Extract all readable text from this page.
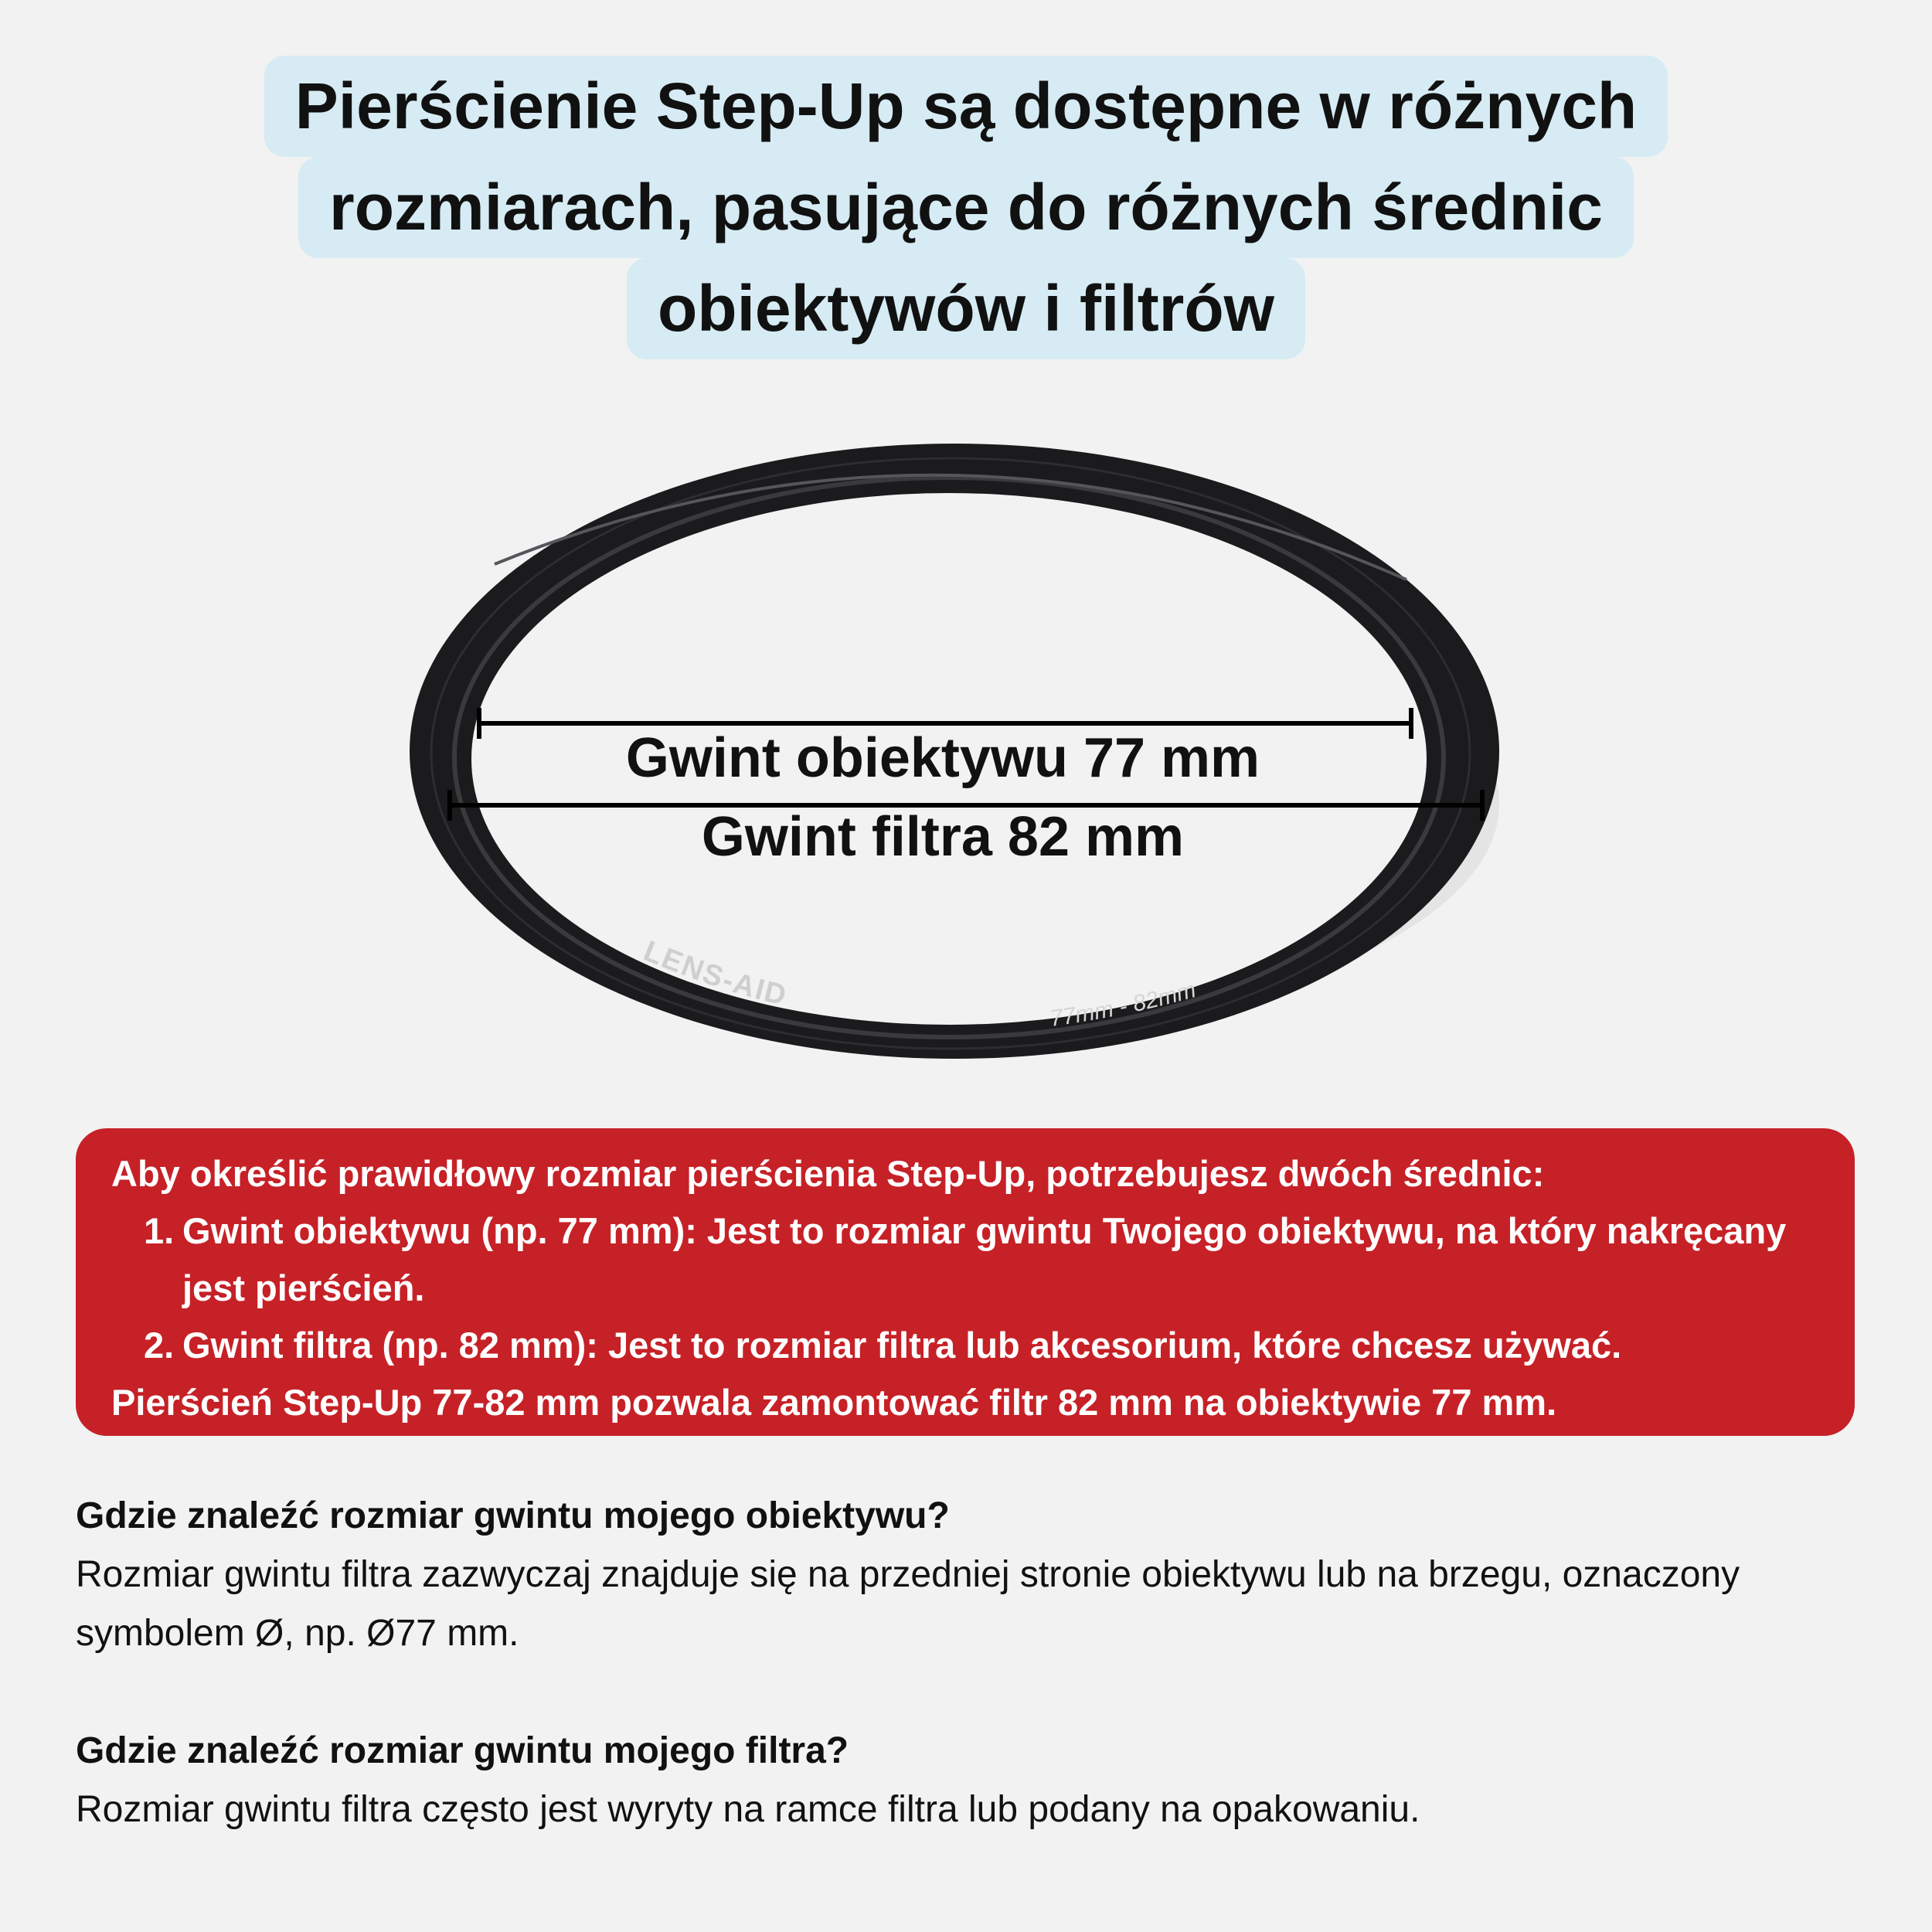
Pierścienie Step-Up są dostępne w różnych
rozmiarach, pasujące do różnych średnic
obiektywów i filtrów
LENS-AID
77mm - 82mm
Gwint obiektywu 77 mm
Gwint filtra 82 mm

Aby określić prawidłowy rozmiar pierścienia Step-Up, potrzebujesz dwóch średnic:

1. Gwint obiektywu (np. 77 mm): Jest to rozmiar gwintu Twojego obiektywu, na który nakręcany jest pierścień.
2. Gwint filtra (np. 82 mm): Jest to rozmiar filtra lub akcesorium, które chcesz używać.

Pierścień Step-Up 77-82 mm pozwala zamontować filtr 82 mm na obiektywie 77 mm.

Gdzie znaleźć rozmiar gwintu mojego obiektywu?

Rozmiar gwintu filtra zazwyczaj znajduje się na przedniej stronie obiektywu lub na brzegu, oznaczony symbolem Ø, np. Ø77 mm.

Gdzie znaleźć rozmiar gwintu mojego filtra?

Rozmiar gwintu filtra często jest wyryty na ramce filtra lub podany na opakowaniu.
